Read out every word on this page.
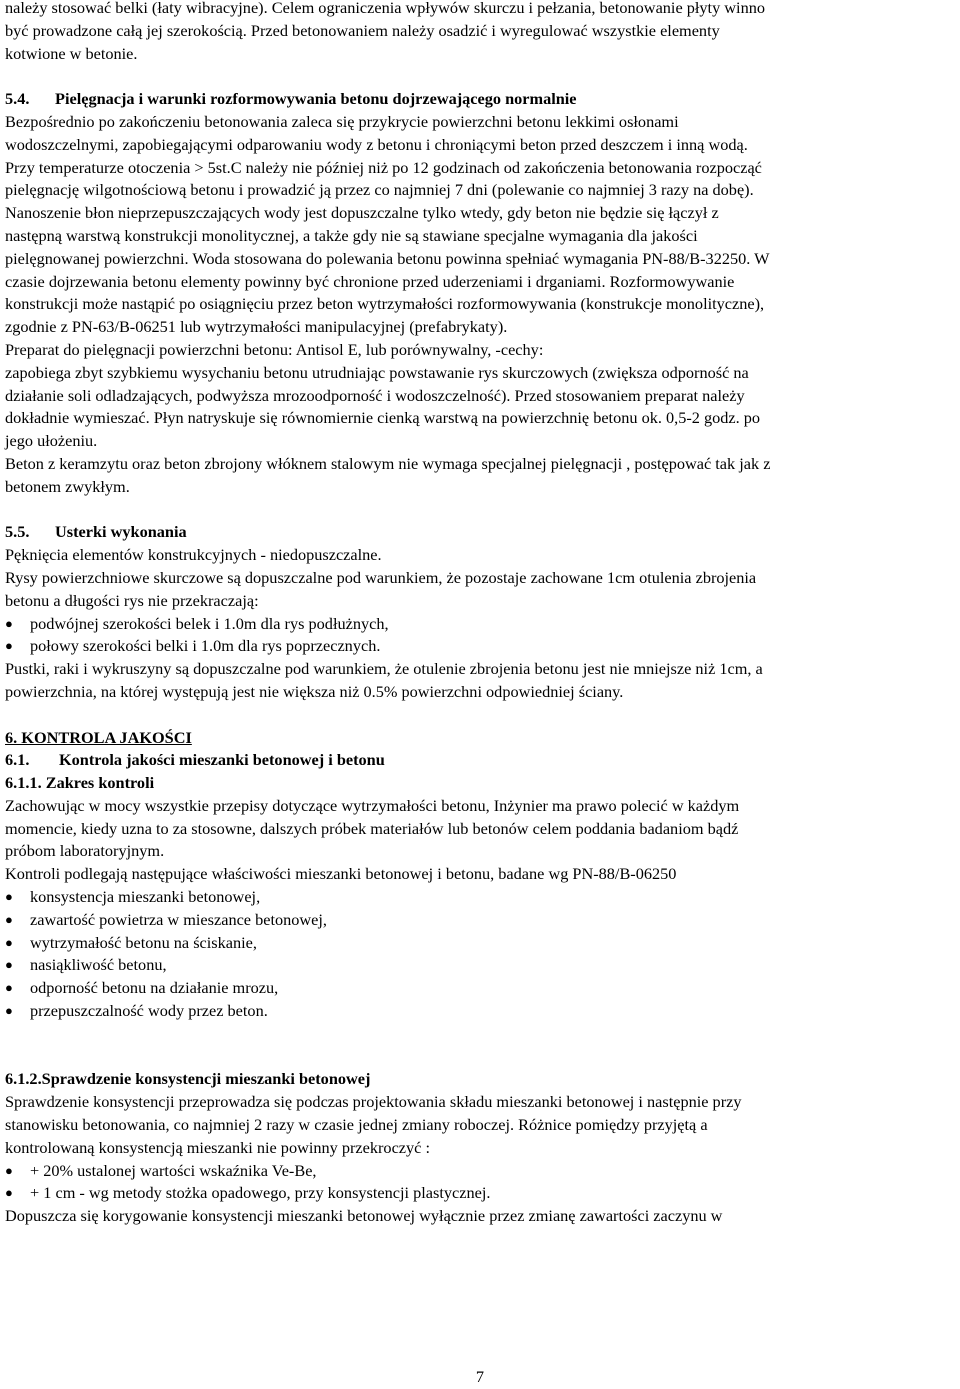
należy stosować belki (łaty wibracyjne). Celem ograniczenia wpływów skurczu i pełzania, betonowanie płyty winno

być prowadzone całą jej szerokością. Przed betonowaniem należy osadzić i wyregulować wszystkie elementy

kotwione w betonie.

5.4. Pielęgnacja i warunki rozformowywania betonu dojrzewającego normalnie

Bezpośrednio po zakończeniu betonowania zaleca się przykrycie powierzchni betonu lekkimi osłonami

wodoszczelnymi, zapobiegającymi odparowaniu wody z betonu i chroniącymi beton przed deszczem i inną wodą.

Przy temperaturze otoczenia > 5st.C należy nie później niż po 12 godzinach od zakończenia betonowania rozpocząć

pielęgnację wilgotnościową betonu i prowadzić ją przez co najmniej 7 dni (polewanie co najmniej 3 razy na dobę).

Nanoszenie błon nieprzepuszczających wody jest dopuszczalne tylko wtedy, gdy beton nie będzie się łączył z

następną warstwą konstrukcji monolitycznej, a także gdy nie są stawiane specjalne wymagania dla jakości

pielęgnowanej powierzchni. Woda stosowana do polewania betonu powinna spełniać wymagania PN-88/B-32250. W

czasie dojrzewania betonu elementy powinny być chronione przed uderzeniami i drganiami. Rozformowywanie

konstrukcji może nastąpić po osiągnięciu przez beton wytrzymałości rozformowywania (konstrukcje monolityczne),

zgodnie z PN-63/B-06251 lub wytrzymałości manipulacyjnej (prefabrykaty).

Preparat do pielęgnacji powierzchni betonu: Antisol E, lub porównywalny, -cechy:

zapobiega zbyt szybkiemu wysychaniu betonu utrudniając powstawanie rys skurczowych (zwiększa odporność na

działanie soli odladzających, podwyższa mrozoodporność i wodoszczelność). Przed stosowaniem preparat należy

dokładnie wymieszać. Płyn natryskuje się równomiernie cienką warstwą na powierzchnię betonu ok. 0,5-2 godz. po

jego ułożeniu.

Beton z keramzytu oraz beton zbrojony włóknem stalowym nie wymaga specjalnej pielęgnacji , postępować tak jak z

betonem zwykłym.

5.5. Usterki wykonania

Pęknięcia elementów konstrukcyjnych - niedopuszczalne.

Rysy powierzchniowe skurczowe są dopuszczalne pod warunkiem, że pozostaje zachowane 1cm otulenia zbrojenia

betonu a długości rys nie przekraczają:

●	podwójnej szerokości belek i 1.0m dla rys podłużnych,
●	połowy szerokości belki i 1.0m dla rys poprzecznych.

Pustki, raki i wykruszyny są dopuszczalne pod warunkiem, że otulenie zbrojenia betonu jest nie mniejsze niż 1cm, a

powierzchnia, na której występują jest nie większa niż 0.5% powierzchni odpowiedniej ściany.

6. KONTROLA JAKOŚCI

6.1. Kontrola jakości mieszanki betonowej i betonu

6.1.1. Zakres kontroli

Zachowując w mocy wszystkie przepisy dotyczące wytrzymałości betonu, Inżynier ma prawo polecić w każdym

momencie, kiedy uzna to za stosowne, dalszych próbek materiałów lub betonów celem poddania badaniom bądź

próbom laboratoryjnym.

Kontroli podlegają następujące właściwości mieszanki betonowej i betonu, badane wg PN-88/B-06250

●	konsystencja mieszanki betonowej,
●	zawartość powietrza w mieszance betonowej,
●	wytrzymałość betonu na ściskanie,
●	nasiąkliwość betonu,
●	odporność betonu na działanie mrozu,
●	przepuszczalność wody przez beton.

6.1.2.Sprawdzenie konsystencji mieszanki betonowej

Sprawdzenie konsystencji przeprowadza się podczas projektowania składu mieszanki betonowej i następnie przy

stanowisku betonowania, co najmniej 2 razy w czasie jednej zmiany roboczej. Różnice pomiędzy przyjętą a

kontrolowaną konsystencją mieszanki nie powinny przekroczyć :

●	+ 20% ustalonej wartości wskaźnika Ve-Be,
●	+ 1 cm - wg metody stożka opadowego, przy konsystencji plastycznej.

Dopuszcza się korygowanie konsystencji mieszanki betonowej wyłącznie przez zmianę zawartości zaczynu w

7
